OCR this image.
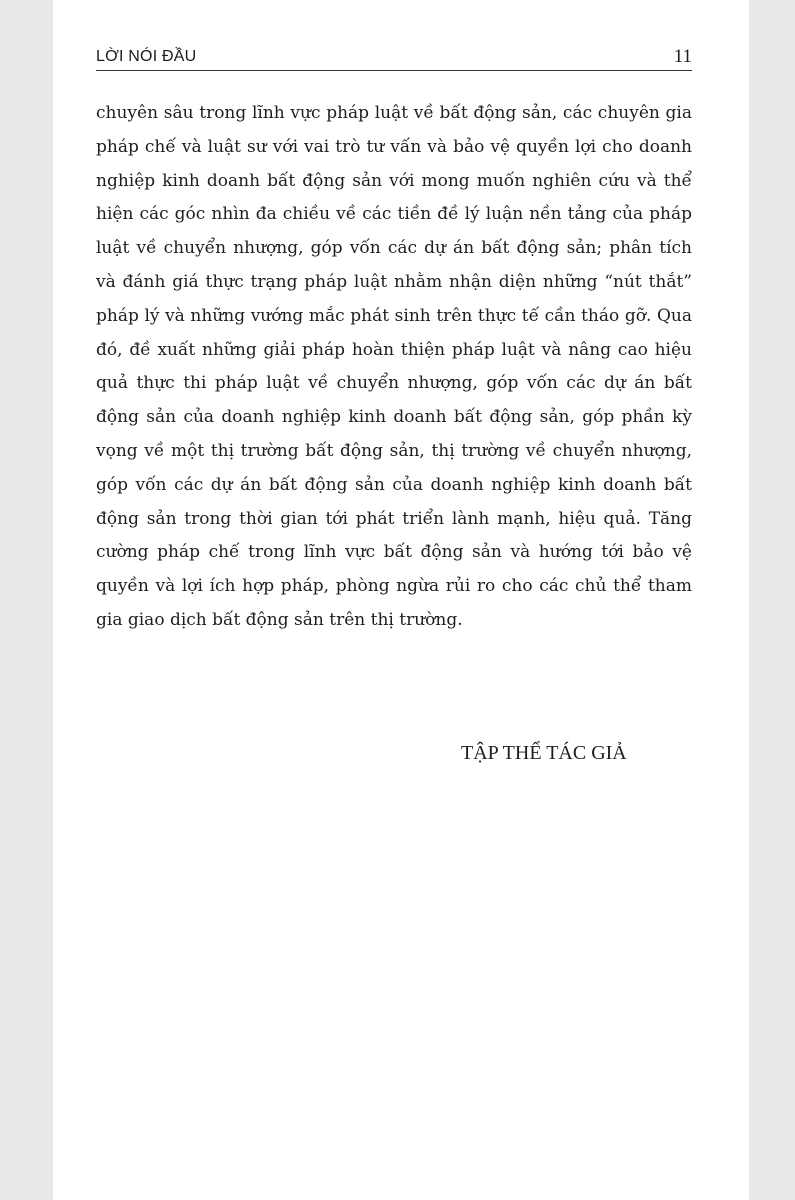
LỜI NÓI ĐẦU	11

chuyên sâu trong lĩnh vực pháp luật về bất động sản, các chuyên gia pháp chế và luật sư với vai trò tư vấn và bảo vệ quyền lợi cho doanh nghiệp kinh doanh bất động sản với mong muốn nghiên cứu và thể hiện các góc nhìn đa chiều về các tiền đề lý luận nền tảng của pháp luật về chuyển nhượng, góp vốn các dự án bất động sản; phân tích và đánh giá thực trạng pháp luật nhằm nhận diện những “nút thắt” pháp lý và những vướng mắc phát sinh trên thực tế cần tháo gỡ. Qua đó, đề xuất những giải pháp hoàn thiện pháp luật và nâng cao hiệu quả thực thi pháp luật về chuyển nhượng, góp vốn các dự án bất động sản của doanh nghiệp kinh doanh bất động sản, góp phần kỳ vọng về một thị trường bất động sản, thị trường về chuyển nhượng, góp vốn các dự án bất động sản của doanh nghiệp kinh doanh bất động sản trong thời gian tới phát triển lành mạnh, hiệu quả. Tăng cường pháp chế trong lĩnh vực bất động sản và hướng tới bảo vệ quyền và lợi ích hợp pháp, phòng ngừa rủi ro cho các chủ thể tham gia giao dịch bất động sản trên thị trường.

TẬP THỂ TÁC GIẢ
